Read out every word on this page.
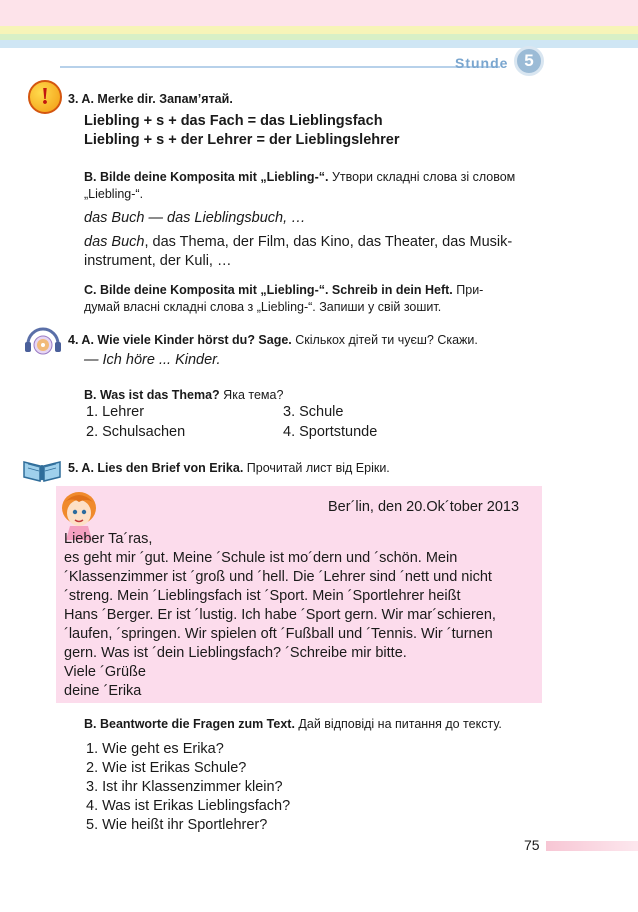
Stunde 5
!	3. A. Merke dir. Запам’ятай.
Liebling + s + das Fach = das Lieblingsfach
Liebling + s + der Lehrer = der Lieblingslehrer
B. Bilde deine Komposita mit „Liebling-“. Утвори складні слова зі словом
„Liebling-“.
das Buch — das Lieblingsbuch, …
das Buch, das Thema, der Film, das Kino, das Theater, das Musik-
instrument, der Kuli, …
C. Bilde deine Komposita mit „Liebling-“. Schreib in dein Heft. При-
думай власні складні слова з „Liebling-“. Запиши у свій зошит.
4. A. Wie viele Kinder hörst du? Sage. Скількох дітей ти чуєш? Скажи.
— Ich höre ... Kinder.
B. Was ist das Thema? Яка тема?
1. Lehrer
2. Schulsachen
3. Schule
4. Sportstunde
5. A. Lies den Brief von Erika. Прочитай лист від Еріки.
Ber´lin, den 20.Ok´tober 2013
Lieber Ta´ras,
es geht mir ´gut. Meine ´Schule ist mo´dern und ´schön. Mein
´Klassenzimmer ist ´groß und ´hell. Die ´Lehrer sind ´nett und nicht
´streng. Mein ´Lieblingsfach ist ´Sport. Mein ´Sportlehrer heißt
Hans ´Berger. Er ist ´lustig. Ich habe ´Sport gern. Wir mar´schieren,
´laufen, ´springen. Wir spielen oft ´Fußball und ´Tennis. Wir ´turnen
gern. Was ist ´dein Lieblingsfach? ´Schreibe mir bitte.
Viele ´Grüße
deine ´Erika
B. Beantworte die Fragen zum Text. Дай відповіді на питання до тексту.
1. Wie geht es Erika?
2. Wie ist Erikas Schule?
3. Ist ihr Klassenzimmer klein?
4. Was ist Erikas Lieblingsfach?
5. Wie heißt ihr Sportlehrer?
75
